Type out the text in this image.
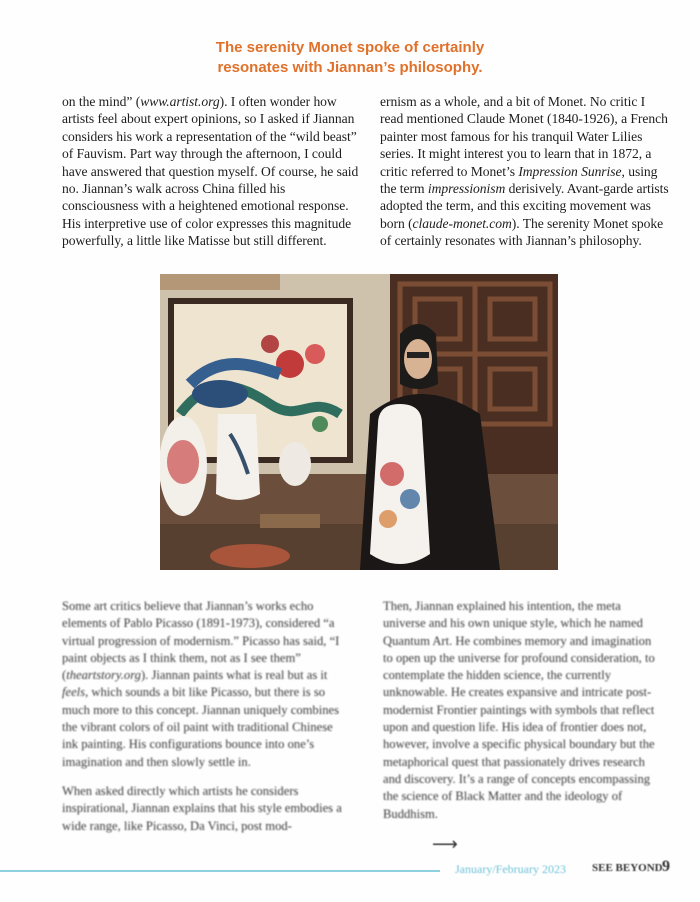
The serenity Monet spoke of certainly
resonates with Jiannan’s philosophy.

on the mind” (www.artist.org). I often wonder how artists feel about expert opinions, so I asked if Jiannan considers his work a representation of the “wild beast” of Fauvism. Part way through the afternoon, I could have answered that question myself. Of course, he said no. Jiannan’s walk across China filled his consciousness with a heightened emotional response. His interpretive use of color expresses this magnitude powerfully, a little like Matisse but still different.

ernism as a whole, and a bit of Monet. No critic I read mentioned Claude Monet (1840-1926), a French painter most famous for his tranquil Water Lilies series. It might interest you to learn that in 1872, a critic referred to Monet’s Impression Sunrise, using the term impressionism derisively. Avant-garde artists adopted the term, and this exciting movement was born (claude-monet.com). The serenity Monet spoke of certainly resonates with Jiannan’s philosophy.

Some art critics believe that Jiannan’s works echo elements of Pablo Picasso (1891-1973), considered “a virtual progression of modernism.” Picasso has said, “I paint objects as I think them, not as I see them” (theartstory.org). Jiannan paints what is real but as it feels, which sounds a bit like Picasso, but there is so much more to this concept. Jiannan uniquely combines the vibrant colors of oil paint with traditional Chinese ink painting. His configurations bounce into one’s imagination and then slowly settle in.

When asked directly which artists he considers inspirational, Jiannan explains that his style embodies a wide range, like Picasso, Da Vinci, post mod-

Then, Jiannan explained his intention, the meta universe and his own unique style, which he named Quantum Art. He combines memory and imagination to open up the universe for profound consideration, to contemplate the hidden science, the currently unknowable. He creates expansive and intricate post-modernist Frontier paintings with symbols that reflect upon and question life. His idea of frontier does not, however, involve a specific physical boundary but the metaphorical quest that passionately drives research and discovery. It’s a range of concepts encompassing the science of Black Matter and the ideology of Buddhism.

⟶
January/February 2023 SEE BEYOND 9
